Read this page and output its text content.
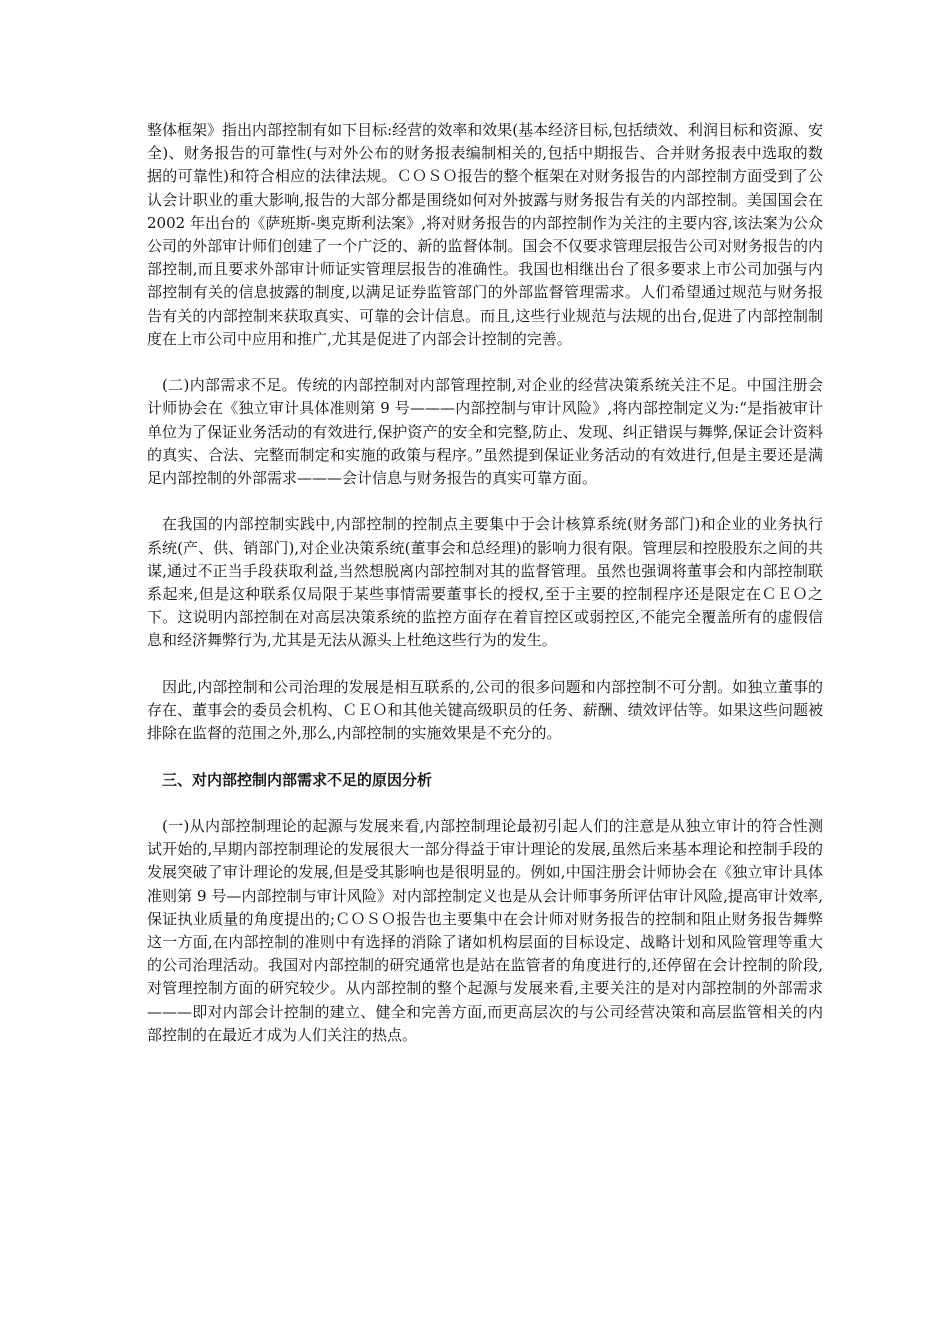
整体框架》指出内部控制有如下目标:经营的效率和效果(基本经济目标,包括绩效、利润目标和资源、安全)、财务报告的可靠性(与对外公布的财务报表编制相关的,包括中期报告、合并财务报表中选取的数据的可靠性)和符合相应的法律法规。ＣＯＳＯ报告的整个框架在对财务报告的内部控制方面受到了公认会计职业的重大影响,报告的大部分都是围绕如何对外披露与财务报告有关的内部控制。美国国会在 2002 年出台的《萨班斯-奥克斯利法案》,将对财务报告的内部控制作为关注的主要内容,该法案为公众公司的外部审计师们创建了一个广泛的、新的监督体制。国会不仅要求管理层报告公司对财务报告的内部控制,而且要求外部审计师证实管理层报告的准确性。我国也相继出台了很多要求上市公司加强与内部控制有关的信息披露的制度,以满足证券监管部门的外部监督管理需求。人们希望通过规范与财务报告有关的内部控制来获取真实、可靠的会计信息。而且,这些行业规范与法规的出台,促进了内部控制制度在上市公司中应用和推广,尤其是促进了内部会计控制的完善。

(二)内部需求不足。传统的内部控制对内部管理控制,对企业的经营决策系统关注不足。中国注册会计师协会在《独立审计具体准则第 9 号———内部控制与审计风险》,将内部控制定义为:“是指被审计单位为了保证业务活动的有效进行,保护资产的安全和完整,防止、发现、纠正错误与舞弊,保证会计资料的真实、合法、完整而制定和实施的政策与程序。”虽然提到保证业务活动的有效进行,但是主要还是满足内部控制的外部需求———会计信息与财务报告的真实可靠方面。

在我国的内部控制实践中,内部控制的控制点主要集中于会计核算系统(财务部门)和企业的业务执行系统(产、供、销部门),对企业决策系统(董事会和总经理)的影响力很有限。管理层和控股股东之间的共谋,通过不正当手段获取利益,当然想脱离内部控制对其的监督管理。虽然也强调将董事会和内部控制联系起来,但是这种联系仅局限于某些事情需要董事长的授权,至于主要的控制程序还是限定在ＣＥＯ之下。这说明内部控制在对高层决策系统的监控方面存在着盲控区或弱控区,不能完全覆盖所有的虚假信息和经济舞弊行为,尤其是无法从源头上杜绝这些行为的发生。

因此,内部控制和公司治理的发展是相互联系的,公司的很多问题和内部控制不可分割。如独立董事的存在、董事会的委员会机构、ＣＥＯ和其他关键高级职员的任务、薪酬、绩效评估等。如果这些问题被排除在监督的范围之外,那么,内部控制的实施效果是不充分的。

三、对内部控制内部需求不足的原因分析

(一)从内部控制理论的起源与发展来看,内部控制理论最初引起人们的注意是从独立审计的符合性测试开始的,早期内部控制理论的发展很大一部分得益于审计理论的发展,虽然后来基本理论和控制手段的发展突破了审计理论的发展,但是受其影响也是很明显的。例如,中国注册会计师协会在《独立审计具体准则第 9 号—内部控制与审计风险》对内部控制定义也是从会计师事务所评估审计风险,提高审计效率,保证执业质量的角度提出的;ＣＯＳＯ报告也主要集中在会计师对财务报告的控制和阻止财务报告舞弊这一方面,在内部控制的准则中有选择的消除了诸如机构层面的目标设定、战略计划和风险管理等重大的公司治理活动。我国对内部控制的研究通常也是站在监管者的角度进行的,还停留在会计控制的阶段,对管理控制方面的研究较少。从内部控制的整个起源与发展来看,主要关注的是对内部控制的外部需求———即对内部会计控制的建立、健全和完善方面,而更高层次的与公司经营决策和高层监管相关的内部控制的在最近才成为人们关注的热点。
